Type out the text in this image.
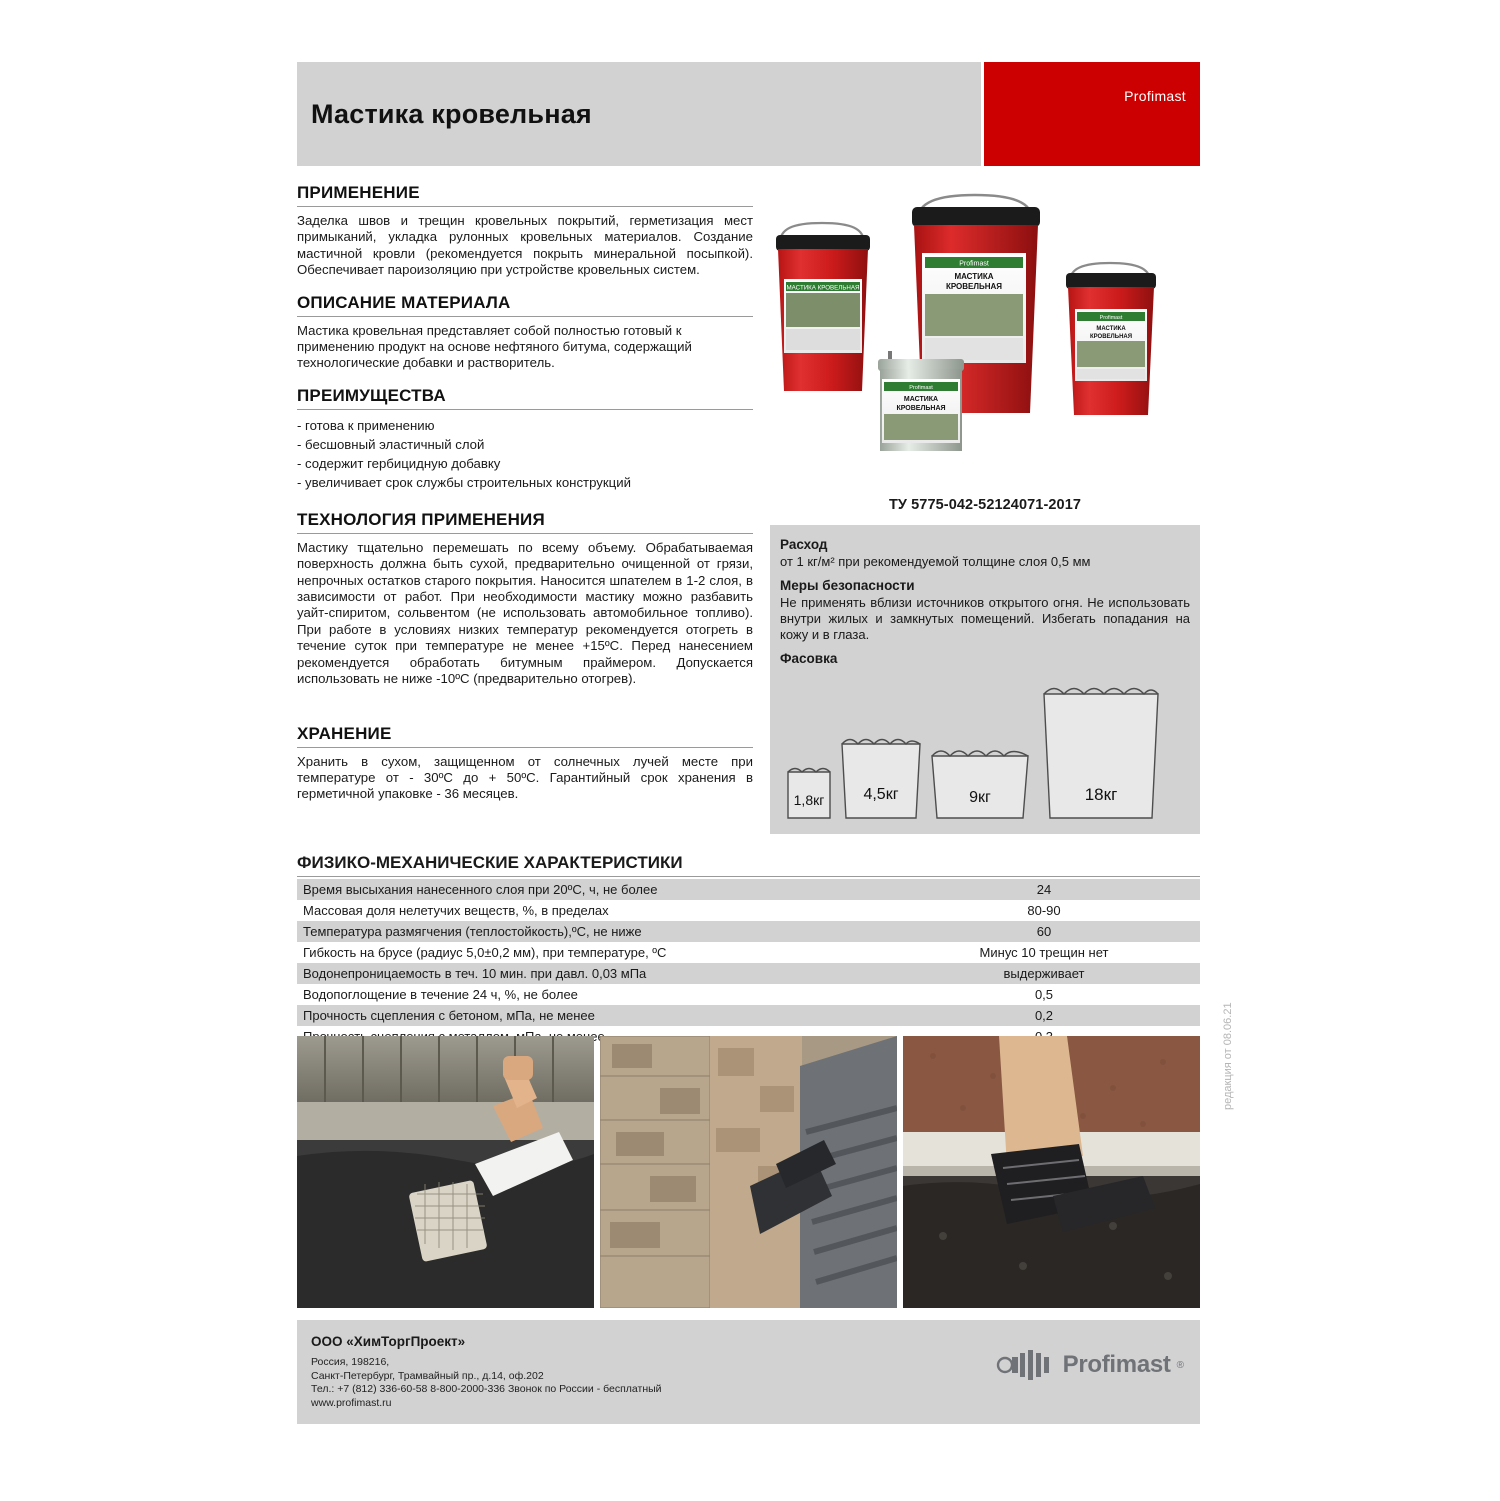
Мастика кровельная
Profimast
ПРИМЕНЕНИЕ

Заделка швов и трещин кровельных покрытий, герметизация мест примыканий, укладка рулонных кровельных материалов. Создание мастичной кровли (рекомендуется покрыть минеральной посыпкой). Обеспечивает пароизоляцию при устройстве кровельных систем.

ОПИСАНИЕ МАТЕРИАЛА

Мастика кровельная представляет собой полностью готовый к применению продукт на основе нефтяного битума, содержащий технологические добавки и растворитель.

ПРЕИМУЩЕСТВА
- готова к применению
- бесшовный эластичный слой
- содержит гербицидную добавку
- увеличивает срок службы строительных конструкций
ТЕХНОЛОГИЯ ПРИМЕНЕНИЯ

Мастику тщательно перемешать по всему объему. Обрабатываемая поверхность должна быть сухой, предварительно очищенной от грязи, непрочных остатков старого покрытия. Наносится шпателем в 1-2 слоя, в зависимости от работ. При необходимости мастику можно разбавить уайт-спиритом, сольвентом (не использовать автомобильное топливо). При работе в условиях низких температур рекомендуется отогреть в течение суток при температуре не менее +15ºС. Перед нанесением рекомендуется обработать битумным праймером. Допускается использовать не ниже -10ºС (предварительно отогрев).

ХРАНЕНИЕ

Хранить в сухом, защищенном от солнечных лучей месте при температуре от - 30ºС до + 50ºС. Гарантийный срок хранения в герметичной упаковке - 36 месяцев.

МАСТИКА КРОВЕЛЬНАЯ
Profimast
МАСТИКА
КРОВЕЛЬНАЯ
Profimast
МАСТИКА
КРОВЕЛЬНАЯ
Profimast
МАСТИКА
КРОВЕЛЬНАЯ
ТУ 5775-042-52124071-2017
Расход
от 1 кг/м² при рекомендуемой толщине слоя 0,5 мм
Меры безопасности
Не применять вблизи источников открытого огня. Не использовать внутри жилых и замкнутых помещений. Избегать попадания на кожу и в глаза.
Фасовка
1,8кг 4,5кг	9кг	18кг
ФИЗИКО-МЕХАНИЧЕСКИЕ ХАРАКТЕРИСТИКИ
Время высыхания нанесенного слоя при 20ºС, ч, не более	24
Массовая доля нелетучих веществ, %, в пределах	80-90
Температура размягчения (теплостойкость),ºС, не ниже	60
Гибкость на брусе (радиус 5,0±0,2 мм), при температуре, ºС	Минус 10 трещин нет
Водонепроницаемость в теч. 10 мин. при давл. 0,03 мПа	выдерживает
Водопоглощение в течение 24 ч, %, не более	0,5
Прочность сцепления с бетоном, мПа, не менее	0,2

ООО «ХимТоргПроект»
Россия, 198216,
Санкт-Петербург, Трамвайный пр., д.14, оф.202
Тел.: +7 (812) 336-60-58 8-800-2000-336 Звонок по России - бесплатный
www.profimast.ru
Profimast ®
редакция от 08.06.21
